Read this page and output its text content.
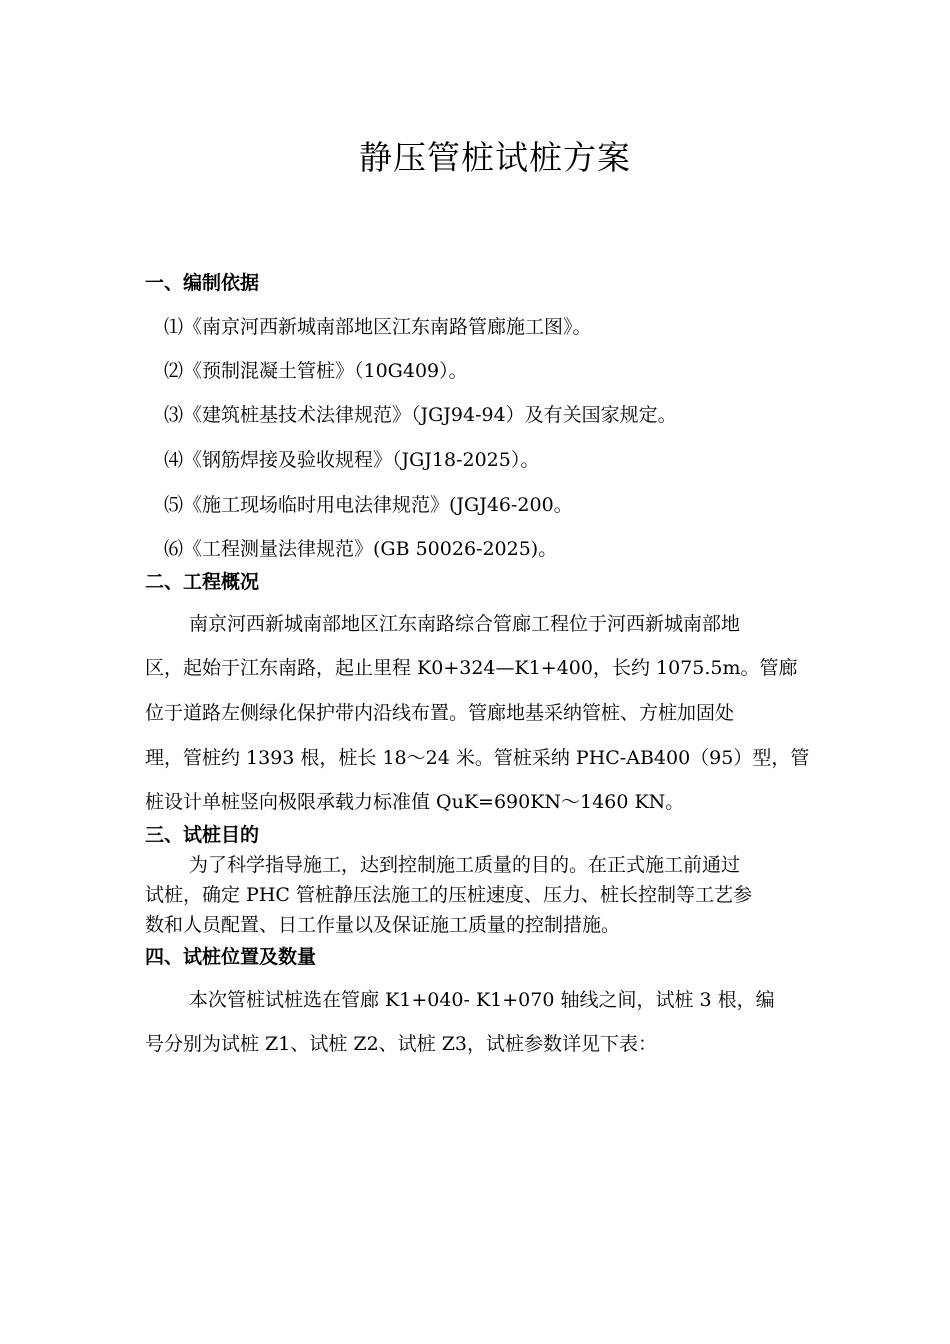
静压管桩试桩方案
一、编制依据
⑴《南京河西新城南部地区江东南路管廊施工图》。
⑵《预制混凝土管桩》（10G409）。
⑶《建筑桩基技术法律规范》（JGJ94-94）及有关国家规定。
⑷《钢筋焊接及验收规程》（JGJ18-2025）。
⑸《施工现场临时用电法律规范》(JGJ46-200。
⑹《工程测量法律规范》(GB 50026-2025)。
二、工程概况
南京河西新城南部地区江东南路综合管廊工程位于河西新城南部地
区，起始于江东南路，起止里程 K0+324—K1+400，长约 1075.5m。管廊
位于道路左侧绿化保护带内沿线布置。管廊地基采纳管桩、方桩加固处
理，管桩约 1393 根，桩长 18～24 米。管桩采纳 PHC-AB400（95）型，管
桩设计单桩竖向极限承载力标准值 QuK=690KN～1460 KN。
三、试桩目的
为了科学指导施工，达到控制施工质量的目的。在正式施工前通过
试桩，确定 PHC 管桩静压法施工的压桩速度、压力、桩长控制等工艺参
数和人员配置、日工作量以及保证施工质量的控制措施。
四、试桩位置及数量
本次管桩试桩选在管廊 K1+040- K1+070 轴线之间，试桩 3 根，编
号分别为试桩 Z1、试桩 Z2、试桩 Z3，试桩参数详见下表：
